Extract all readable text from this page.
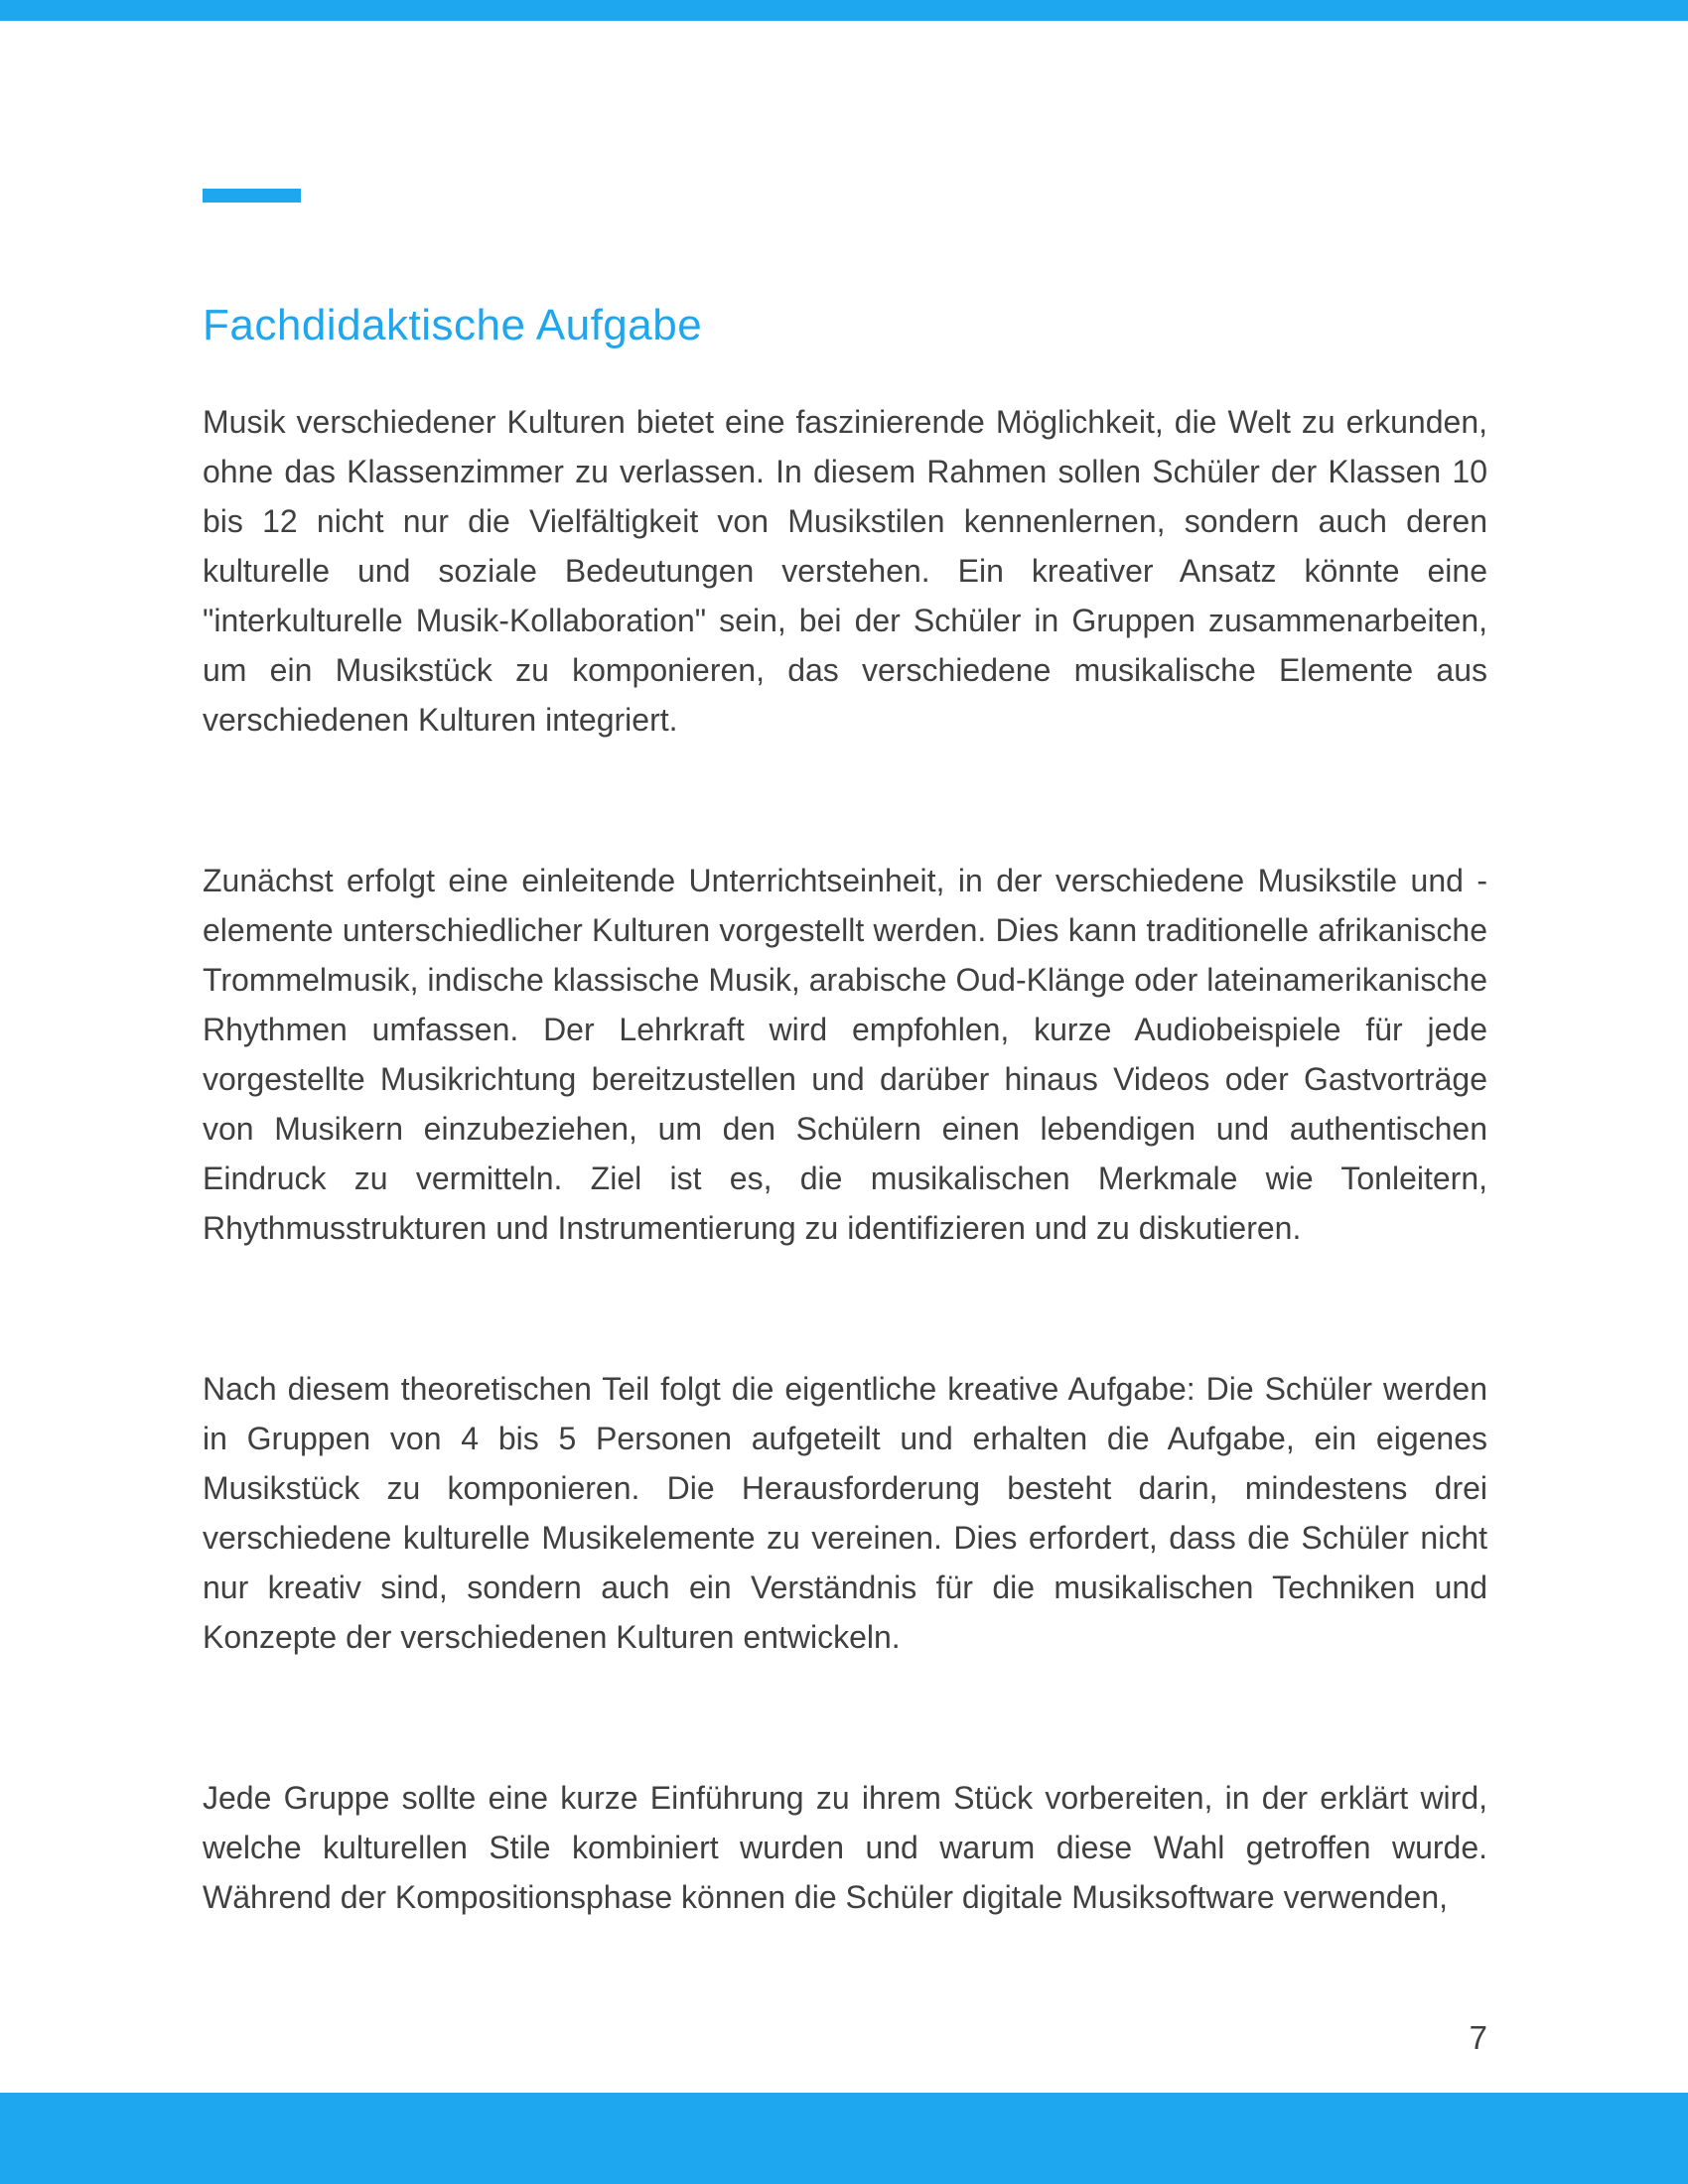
Fachdidaktische Aufgabe

Musik verschiedener Kulturen bietet eine faszinierende Möglichkeit, die Welt zu erkunden, ohne das Klassenzimmer zu verlassen. In diesem Rahmen sollen Schüler der Klassen 10 bis 12 nicht nur die Vielfältigkeit von Musikstilen kennenlernen, sondern auch deren kulturelle und soziale Bedeutungen verstehen. Ein kreativer Ansatz könnte eine "interkulturelle Musik-Kollaboration" sein, bei der Schüler in Gruppen zusammenarbeiten, um ein Musikstück zu komponieren, das verschiedene musikalische Elemente aus verschiedenen Kulturen integriert.

Zunächst erfolgt eine einleitende Unterrichtseinheit, in der verschiedene Musikstile und -elemente unterschiedlicher Kulturen vorgestellt werden. Dies kann traditionelle afrikanische Trommelmusik, indische klassische Musik, arabische Oud-Klänge oder lateinamerikanische Rhythmen umfassen. Der Lehrkraft wird empfohlen, kurze Audiobeispiele für jede vorgestellte Musikrichtung bereitzustellen und darüber hinaus Videos oder Gastvorträge von Musikern einzubeziehen, um den Schülern einen lebendigen und authentischen Eindruck zu vermitteln. Ziel ist es, die musikalischen Merkmale wie Tonleitern, Rhythmusstrukturen und Instrumentierung zu identifizieren und zu diskutieren.

Nach diesem theoretischen Teil folgt die eigentliche kreative Aufgabe: Die Schüler werden in Gruppen von 4 bis 5 Personen aufgeteilt und erhalten die Aufgabe, ein eigenes Musikstück zu komponieren. Die Herausforderung besteht darin, mindestens drei verschiedene kulturelle Musikelemente zu vereinen. Dies erfordert, dass die Schüler nicht nur kreativ sind, sondern auch ein Verständnis für die musikalischen Techniken und Konzepte der verschiedenen Kulturen entwickeln.

Jede Gruppe sollte eine kurze Einführung zu ihrem Stück vorbereiten, in der erklärt wird, welche kulturellen Stile kombiniert wurden und warum diese Wahl getroffen wurde. Während der Kompositionsphase können die Schüler digitale Musiksoftware verwenden,

7
